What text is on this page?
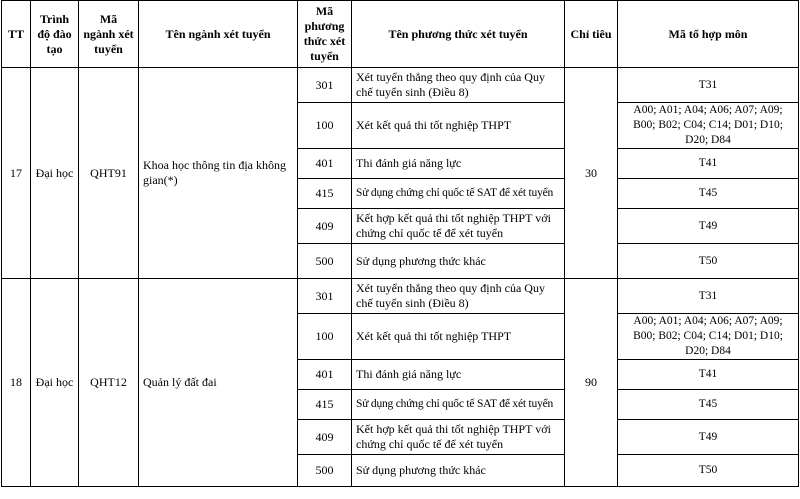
TT	Trình độ đào tạo	Mã ngành xét tuyển	Tên ngành xét tuyển	Mã phương thức xét tuyển	Tên phương thức xét tuyển	Chỉ tiêu	Mã tổ hợp môn
17	Đại học	QHT91	Khoa học thông tin địa không gian(*)	301	Xét tuyển thẳng theo quy định của Quy chế tuyển sinh (Điều 8)	30	T31
				100	Xét kết quả thi tốt nghiệp THPT		A00; A01; A04; A06; A07; A09; B00; B02; C04; C14; D01; D10; D20; D84
				401	Thi đánh giá năng lực		T41
				415	Sử dụng chứng chỉ quốc tế SAT để xét tuyển		T45
				409	Kết hợp kết quả thi tốt nghiệp THPT với chứng chỉ quốc tế để xét tuyển		T49
				500	Sử dụng phương thức khác		T50
18	Đại học	QHT12	Quản lý đất đai	301	Xét tuyển thẳng theo quy định của Quy chế tuyển sinh (Điều 8)	90	T31
				100	Xét kết quả thi tốt nghiệp THPT		A00; A01; A04; A06; A07; A09; B00; B02; C04; C14; D01; D10; D20; D84
				401	Thi đánh giá năng lực		T41
				415	Sử dụng chứng chỉ quốc tế SAT để xét tuyển		T45
				409	Kết hợp kết quả thi tốt nghiệp THPT với chứng chỉ quốc tế để xét tuyển		T49
				500	Sử dụng phương thức khác		T50
